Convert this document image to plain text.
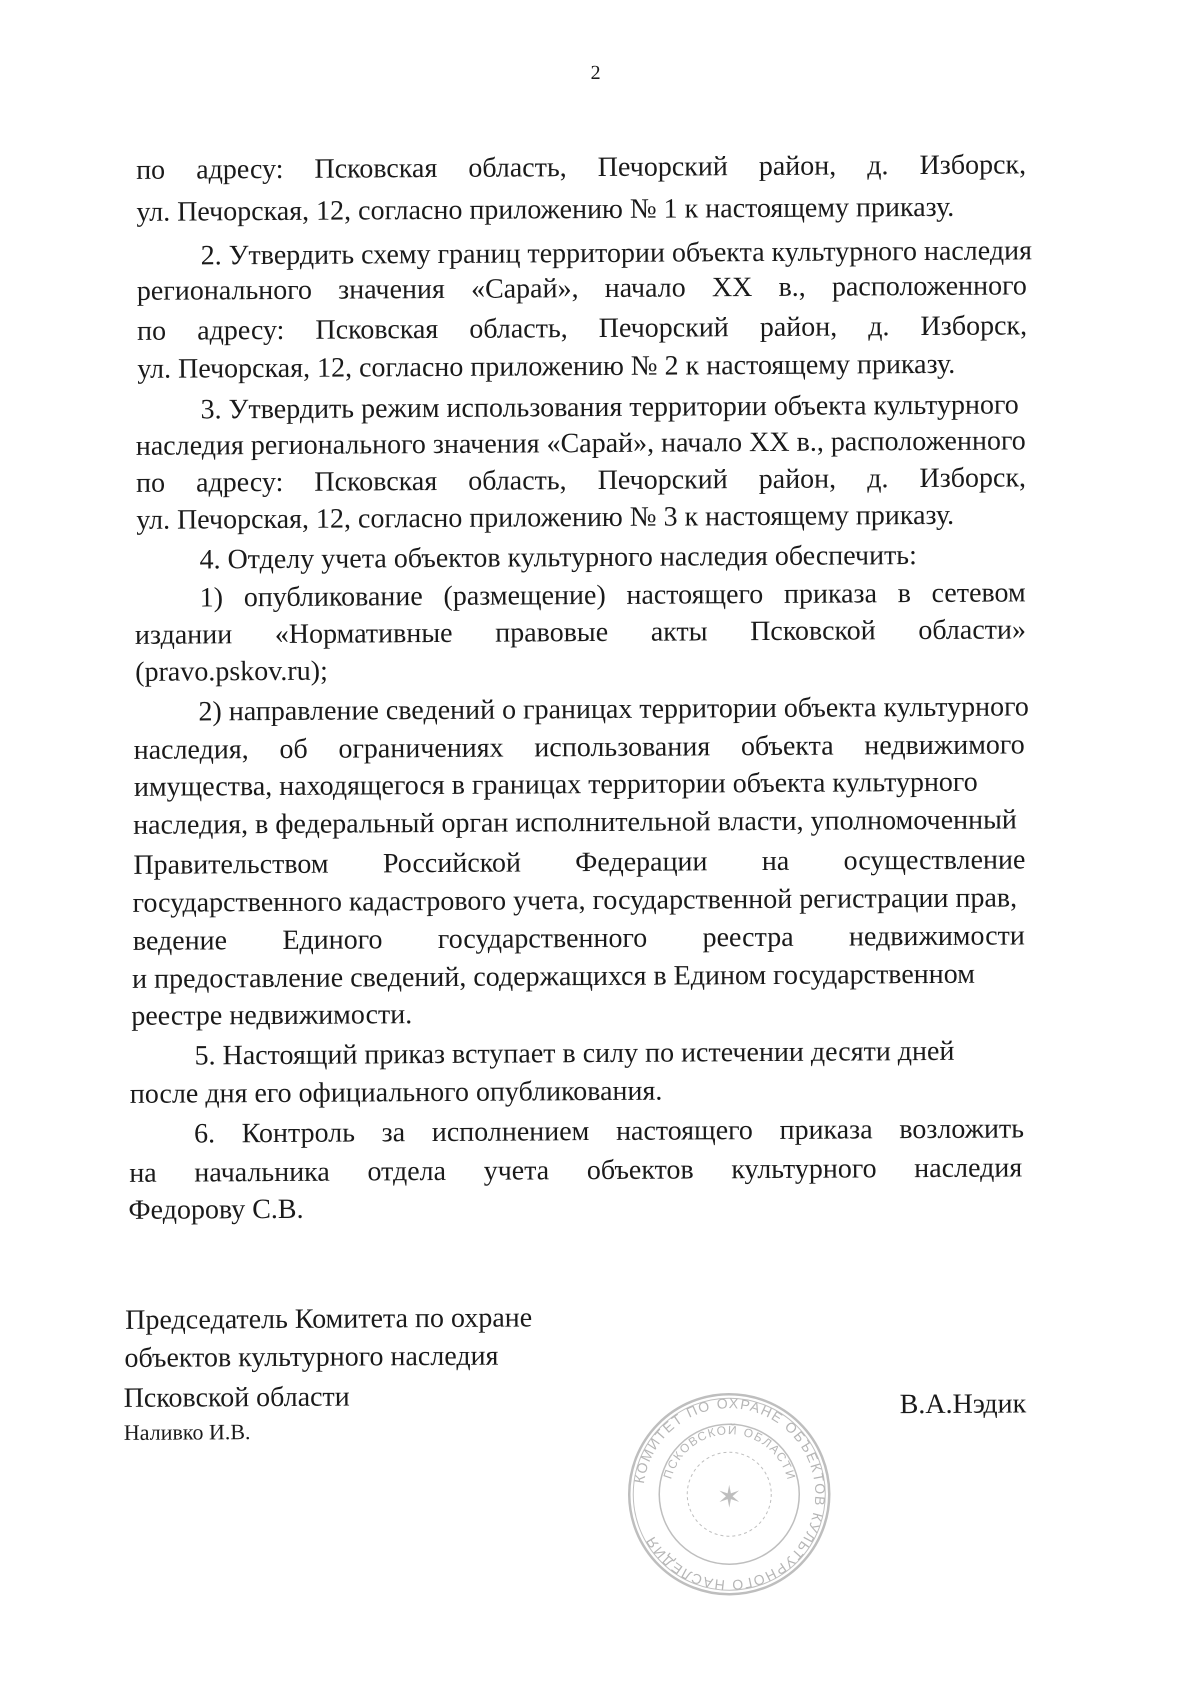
2
по адресу: Псковская область, Печорский район, д. Изборск,
ул. Печорская, 12, согласно приложению № 1 к настоящему приказу.
2. Утвердить схему границ территории объекта культурного наследия
регионального значения «Сарай», начало XX в., расположенного
по адресу: Псковская область, Печорский район, д. Изборск,
ул. Печорская, 12, согласно приложению № 2 к настоящему приказу.
3. Утвердить режим использования территории объекта культурного
наследия регионального значения «Сарай», начало XX в., расположенного
по адресу: Псковская область, Печорский район, д. Изборск,
ул. Печорская, 12, согласно приложению № 3 к настоящему приказу.
4. Отделу учета объектов культурного наследия обеспечить:
1) опубликование (размещение) настоящего приказа в сетевом
издании «Нормативные правовые акты Псковской области»
(pravo.pskov.ru);
2) направление сведений о границах территории объекта культурного
наследия, об ограничениях использования объекта недвижимого
имущества, находящегося в границах территории объекта культурного
наследия, в федеральный орган исполнительной власти, уполномоченный
Правительством Российской Федерации на осуществление
государственного кадастрового учета, государственной регистрации прав,
ведение Единого государственного реестра недвижимости
и предоставление сведений, содержащихся в Едином государственном
реестре недвижимости.
5. Настоящий приказ вступает в силу по истечении десяти дней
после дня его официального опубликования.
6. Контроль за исполнением настоящего приказа возложить
на начальника отдела учета объектов культурного наследия
Федорову С.В.
Председатель Комитета по охране
объектов культурного наследия
Псковской области
Наливко И.В.
В.А.Нэдик
КОМИТЕТ ПО ОХРАНЕ ОБЪЕКТОВ КУЛЬТУРНОГО НАСЛЕДИЯ
ПСКОВСКОЙ ОБЛАСТИ
✶
